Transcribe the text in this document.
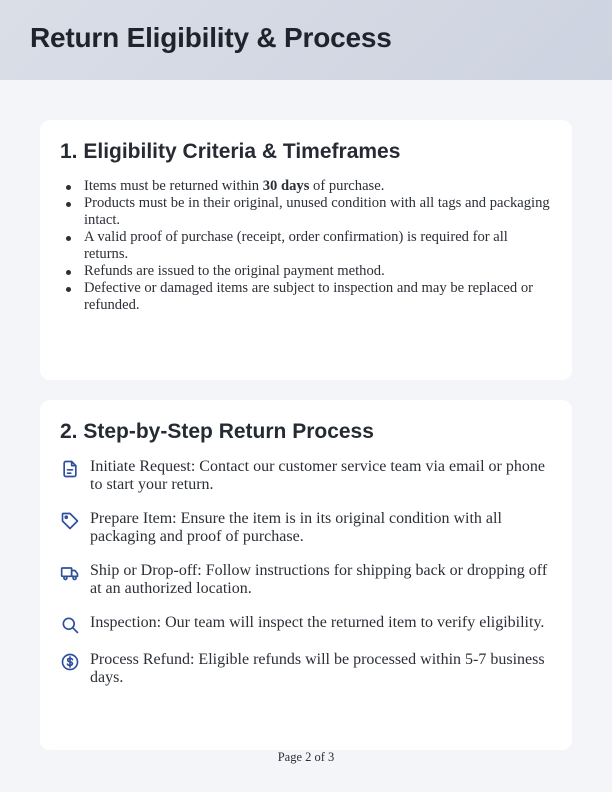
Return Eligibility & Process
1. Eligibility Criteria & Timeframes
Items must be returned within 30 days of purchase.
Products must be in their original, unused condition with all tags and packaging intact.
A valid proof of purchase (receipt, order confirmation) is required for all returns.
Refunds are issued to the original payment method.
Defective or damaged items are subject to inspection and may be replaced or refunded.
2. Step-by-Step Return Process
Initiate Request: Contact our customer service team via email or phone to start your return.
Prepare Item: Ensure the item is in its original condition with all packaging and proof of purchase.
Ship or Drop-off: Follow instructions for shipping back or dropping off at an authorized location.
Inspection: Our team will inspect the returned item to verify eligibility.
Process Refund: Eligible refunds will be processed within 5-7 business days.
Page 2 of 3
